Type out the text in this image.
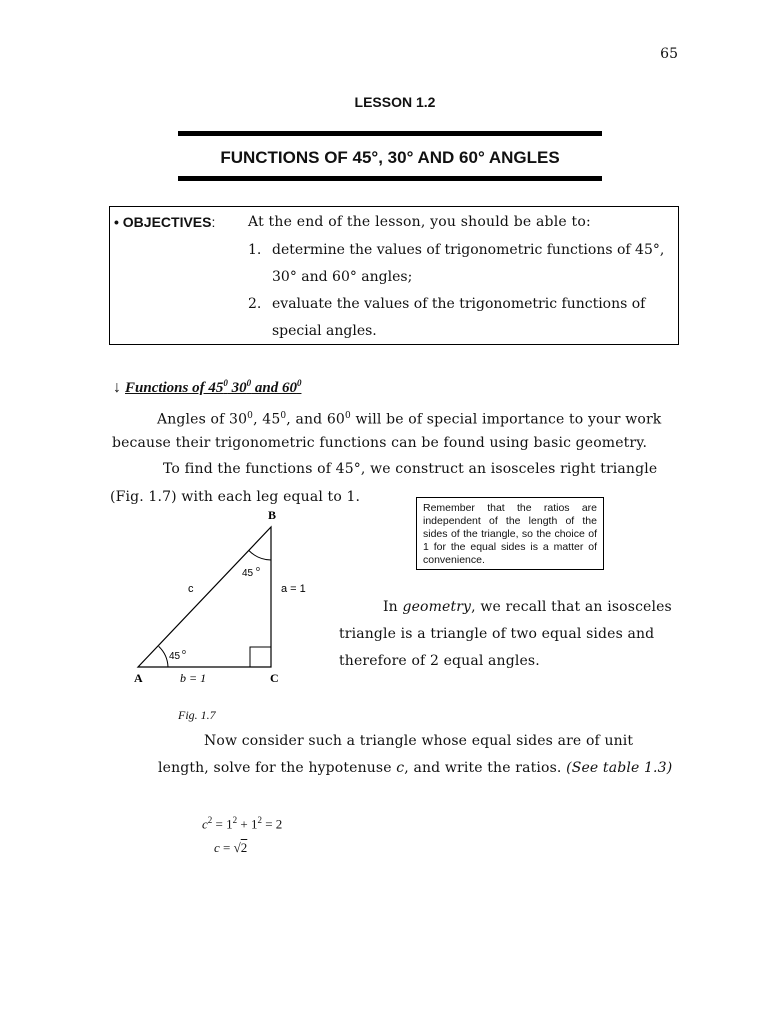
65
LESSON 1.2
FUNCTIONS OF 45°, 30° AND 60° ANGLES
• OBJECTIVES: At the end of the lesson, you should be able to:
1. determine the values of trigonometric functions of 45°,
30° and 60° angles;
2. evaluate the values of the trigonometric functions of
special angles.
↓ Functions of $45^0$ $30^0$ and $60^0$
Angles of $30^0$, $45^0$, and $60^0$ will be of special importance to your work
because their trigonometric functions can be found using basic geometry.
To find the functions of 45°, we construct an isosceles right triangle
(Fig. 1.7) with each leg equal to 1.
Remember that the ratios are independent of the length of the sides of the triangle, so the choice of 1 for the equal sides is a matter of convenience.
A
B
C
c	a = 1
b = 1
45 o
45 o
In geometry, we recall that an isosceles
triangle is a triangle of two equal sides and
therefore of 2 equal angles.
Fig. 1.7
Now consider such a triangle whose equal sides are of unit
length, solve for the hypotenuse c, and write the ratios. (See table 1.3)
$c^2 = 1^2 + 1^2 = 2$
c = √2
